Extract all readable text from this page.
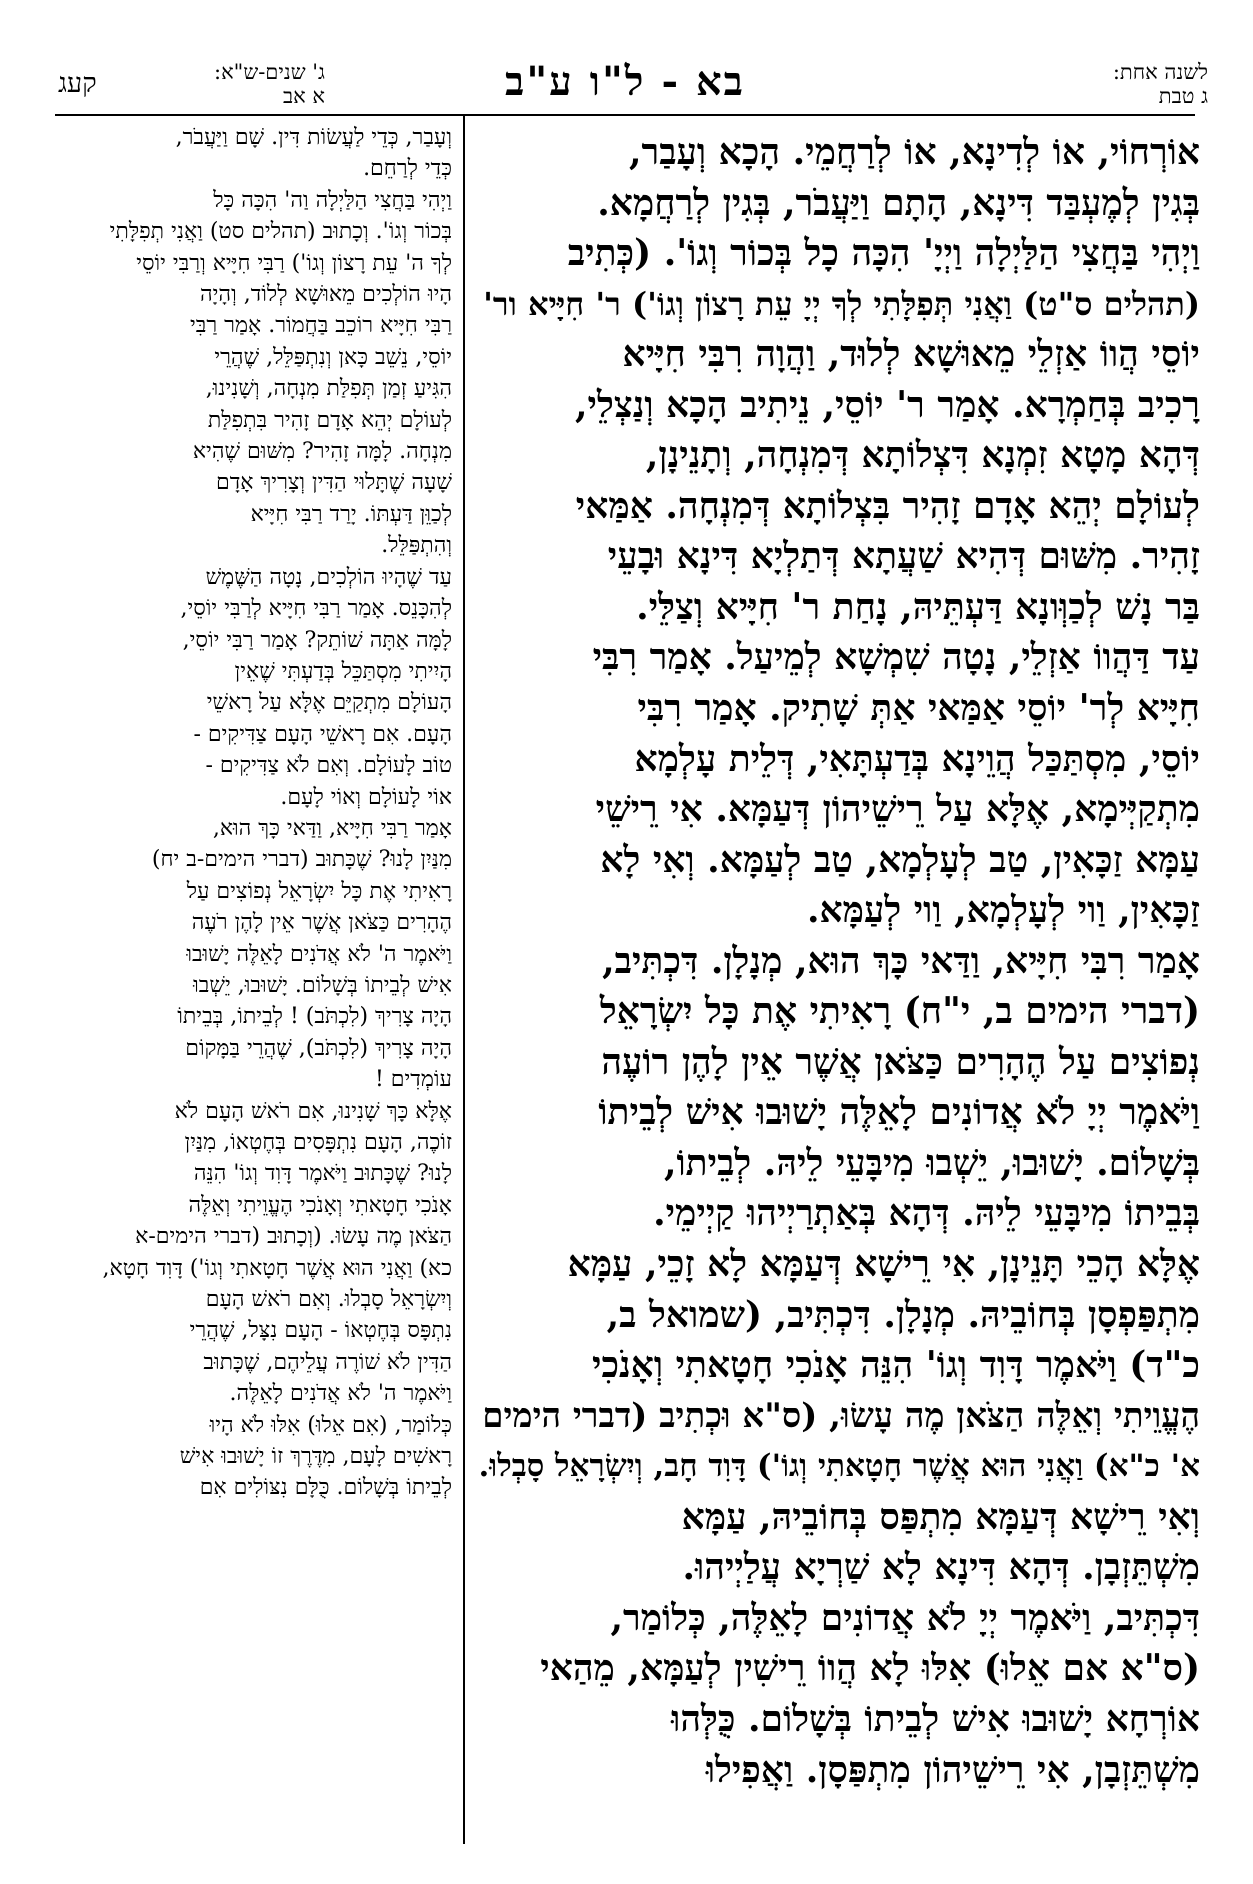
לשנה אחת:
ג טבת
בא - ל"ו ע"ב
ג' שנים-ש"א:
א אב
קעג
אוֹרְחוֹי, אוֹ לְדִינָא, אוֹ לְרַחֲמֵי. הָכָא וְעָבַר,
בְּגִין לְמֶעְבַּד דִּינָא, הָתָם וַיַּעֲבֹר, בְּגִין לְרַחֲמָא.
וַיְהִי בַּחֲצִי הַלַּיְלָה וַיְיָ' הִכָּה כָל בְּכוֹר וְגוֹ'. (כְּתִיב
(תהלים ס"ט) וַאֲנִי תְּפִלָּתִי לְךָ יְיָ עֵת רָצוֹן וְגוֹ') ר' חִיָּיא ור'
יוֹסֵי הֲווֹ אַזְלֵי מֵאוּשָׁא לְלוּד, וַהֲוָה רִבִּי חִיָּיא
רָכִיב בְּחַמְרָא. אָמַר ר' יוֹסֵי, נֵיתִיב הָכָא וְנַצְלֵי,
דְּהָא מָטָא זִמְנָא דִּצְלוֹתָא דְּמִנְחָה, וְתָנֵינָן,
לְעוֹלָם יְהֵא אָדָם זָהִיר בִּצְלוֹתָא דְּמִנְחָה. אַמַּאי
זָהִיר. מִשּׁוּם דְּהִיא שַׁעֲתָא דְּתַלְיָא דִּינָא וּבָעֵי
בַּר נָשׁ לְכַוְּונָא דַּעְתֵּיהּ, נָחַת ר' חִיָּיא וְצַלֵּי.
עַד דַּהֲווֹ אַזְלֵי, נָטָה שִׁמְשָׁא לְמֵיעַל. אָמַר רִבִּי
חִיָּיא לְר' יוֹסֵי אַמַּאי אַתְּ שָׁתִיק. אָמַר רִבִּי
יוֹסֵי, מִסְתַּכַּל הֲוֵינָא בְּדַעְתָּאִי, דְּלֵית עָלְמָא
מִתְקַיְּימָא, אֶלָּא עַל רֵישֵׁיהוֹן דְּעַמָּא. אִי רֵישֵׁי
עַמָּא זַכָּאִין, טַב לְעָלְמָא, טַב לְעַמָּא. וְאִי לָא
זַכָּאִין, וַוי לְעָלְמָא, וַוי לְעַמָּא.
אָמַר רִבִּי חִיָּיא, וַדַּאי כָּךְ הוּא, מְנָלָן. דִּכְתִּיב,
(דברי הימים ב, י"ח) רָאִיתִי אֶת כָּל יִשְׂרָאֵל
נְפוֹצִים עַל הֶהָרִים כַּצֹּאן אֲשֶׁר אֵין לָהֶן רוֹעֶה
וַיֹּאמֶר יְיָ לֹא אֲדוֹנִים לָאֵלֶּה יָשׁוּבוּ אִישׁ לְבֵיתוֹ
בְּשָׁלוֹם. יָשׁוּבוּ, יֵשְׁבוּ מִיבָּעֵי לֵיהּ. לְבֵיתוֹ,
בְּבֵיתוֹ מִיבָּעֵי לֵיהּ. דְּהָא בְּאַתְרַיְיהוּ קַיְימֵי.
אֶלָּא הָכֵי תָּנֵינָן, אִי רֵישָׁא דְּעַמָּא לָא זָכֵי, עַמָּא
מִתְפַּפְסָן בְּחוֹבֵיהּ. מְנָלָן. דִּכְתִּיב, (שמואל ב,
כ"ד) וַיֹּאמֶר דָּוִד וְגוֹ' הִנֵּה אָנֹכִי חָטָאתִי וְאָנֹכִי
הֶעֱוֵיתִי וְאֵלֶּה הַצֹּאן מֶה עָשׂוּ, (ס"א וּכְתִיב (דברי הימים
א' כ"א) וַאֲנִי הוּא אֲשֶׁר חָטָאתִי וְגוֹ') דָּוִד חָב, וְיִשְׂרָאֵל סָבְלוּ.
וְאִי רֵישָׁא דְּעַמָּא מִתְפַּס בְּחוֹבֵיהּ, עַמָּא
מִשְׁתֵּזְבָן. דְּהָא דִּינָא לָא שַׁרְיָא עֲלַיְיהוּ.
דִּכְתִּיב, וַיֹּאמֶר יְיָ לֹא אֲדוֹנִים לָאֵלֶּה, כְּלוֹמַר,
(ס"א אם אֵלוּ) אִלּוּ לָא הֲווֹ רֵישִׁין לְעַמָּא, מֵהַאי
אוֹרְחָא יָשׁוּבוּ אִישׁ לְבֵיתוֹ בְּשָׁלוֹם. כֻּלְּהוּ
מִשְׁתֵּזְבָן, אִי רֵישֵׁיהוֹן מִתְפַּסָן. וַאֲפִילוּ
וְעָבַר, כְּדֵי לַעֲשׂוֹת דִּין. שָׁם וַיַּעֲבֹר,
כְּדֵי לְרַחֵם.
וַיְהִי בַּחֲצִי הַלַּיְלָה וַה' הִכָּה כָּל
בְּכוֹר וְגוֹ'. וְכָתוּב (תהלים סט) וַאֲנִי תְפִלָּתִי
לְךָ ה' עֵת רָצוֹן וְגוֹ') רַבִּי חִיָּיא וְרַבִּי יוֹסֵי
הָיוּ הוֹלְכִים מֵאוּשָׁא לְלוֹד, וְהָיָה
רַבִּי חִיָּיא רוֹכֵב בַּחֲמוֹר. אָמַר רַבִּי
יוֹסֵי, נֵשֵׁב כָּאן וְנִתְפַּלֵּל, שֶׁהֲרֵי
הִגִּיעַ זְמַן תְּפִלַּת מִנְחָה, וְשָׁנִינוּ,
לְעוֹלָם יְהֵא אָדָם זָהִיר בִּתְפִלַּת
מִנְחָה. לָמָּה זָהִיר? מִשּׁוּם שֶׁהִיא
שָׁעָה שֶׁתָּלוּי הַדִּין וְצָרִיךְ אָדָם
לְכַוֵּן דַּעְתּוֹ. יָרַד רַבִּי חִיָּיא
וְהִתְפַּלֵּל.
עַד שֶׁהָיוּ הוֹלְכִים, נָטָה הַשֶּׁמֶשׁ
לְהִכָּנֵס. אָמַר רַבִּי חִיָּיא לְרַבִּי יוֹסֵי,
לָמָּה אַתָּה שׁוֹתֵק? אָמַר רַבִּי יוֹסֵי,
הָיִיתִי מִסְתַּכֵּל בְּדַעְתִּי שֶׁאֵין
הָעוֹלָם מִתְקַיֵּם אֶלָּא עַל רָאשֵׁי
הָעָם. אִם רָאשֵׁי הָעָם צַדִּיקִים -
טוֹב לָעוֹלָם. וְאִם לֹא צַדִּיקִים -
אוֹי לָעוֹלָם וְאוֹי לָעָם.
אָמַר רַבִּי חִיָּיא, וַדַּאי כָּךְ הוּא,
מִנַּיִן לָנוּ? שֶׁכָּתוּב (דברי הימים-ב יח)
רָאִיתִי אֶת כָּל יִשְׂרָאֵל נְפוֹצִים עַל
הֶהָרִים כַּצֹּאן אֲשֶׁר אֵין לָהֶן רֹעֶה
וַיֹּאמֶר ה' לֹא אֲדֹנִים לָאֵלֶּה יָשׁוּבוּ
אִישׁ לְבֵיתוֹ בְּשָׁלוֹם. יָשׁוּבוּ, יֵשְׁבוּ
הָיָה צָרִיךְ (לִכְתֹּב) ! לְבֵיתוֹ, בְּבֵיתוֹ
הָיָה צָרִיךְ (לִכְתֹּב), שֶׁהֲרֵי בַּמָּקוֹם
עוֹמְדִים !
אֶלָּא כָּךְ שָׁנִינוּ, אִם רֹאשׁ הָעָם לֹא
זוֹכֶה, הָעָם נִתְפָּסִים בְּחֶטְאוֹ, מִנַּיִן
לָנוּ? שֶׁכָּתוּב וַיֹּאמֶר דָּוִד וְגוֹ' הִנֵּה
אָנֹכִי חָטָאתִי וְאָנֹכִי הֶעֱוֵיתִי וְאֵלֶּה
הַצֹּאן מֶה עָשׂוּ. (וְכָתוּב (דברי הימים-א
כא) וַאֲנִי הוּא אֲשֶׁר חָטָאתִי וְגוֹ') דָּוִד חָטָא,
וְיִשְׂרָאֵל סָבְלוּ. וְאִם רֹאשׁ הָעָם
נִתְפָּס בְּחֶטְאוֹ - הָעָם נִצָּל, שֶׁהֲרֵי
הַדִּין לֹא שׁוֹרֶה עֲלֵיהֶם, שֶׁכָּתוּב
וַיֹּאמֶר ה' לֹא אֲדֹנִים לָאֵלֶּה.
כְּלוֹמַר, (אִם אֵלוּ) אִלּוּ לֹא הָיוּ
רָאשִׁים לָעָם, מִדֶּרֶךְ זוֹ יָשׁוּבוּ אִישׁ
לְבֵיתוֹ בְּשָׁלוֹם. כֻּלָּם נִצּוֹלִים אִם
